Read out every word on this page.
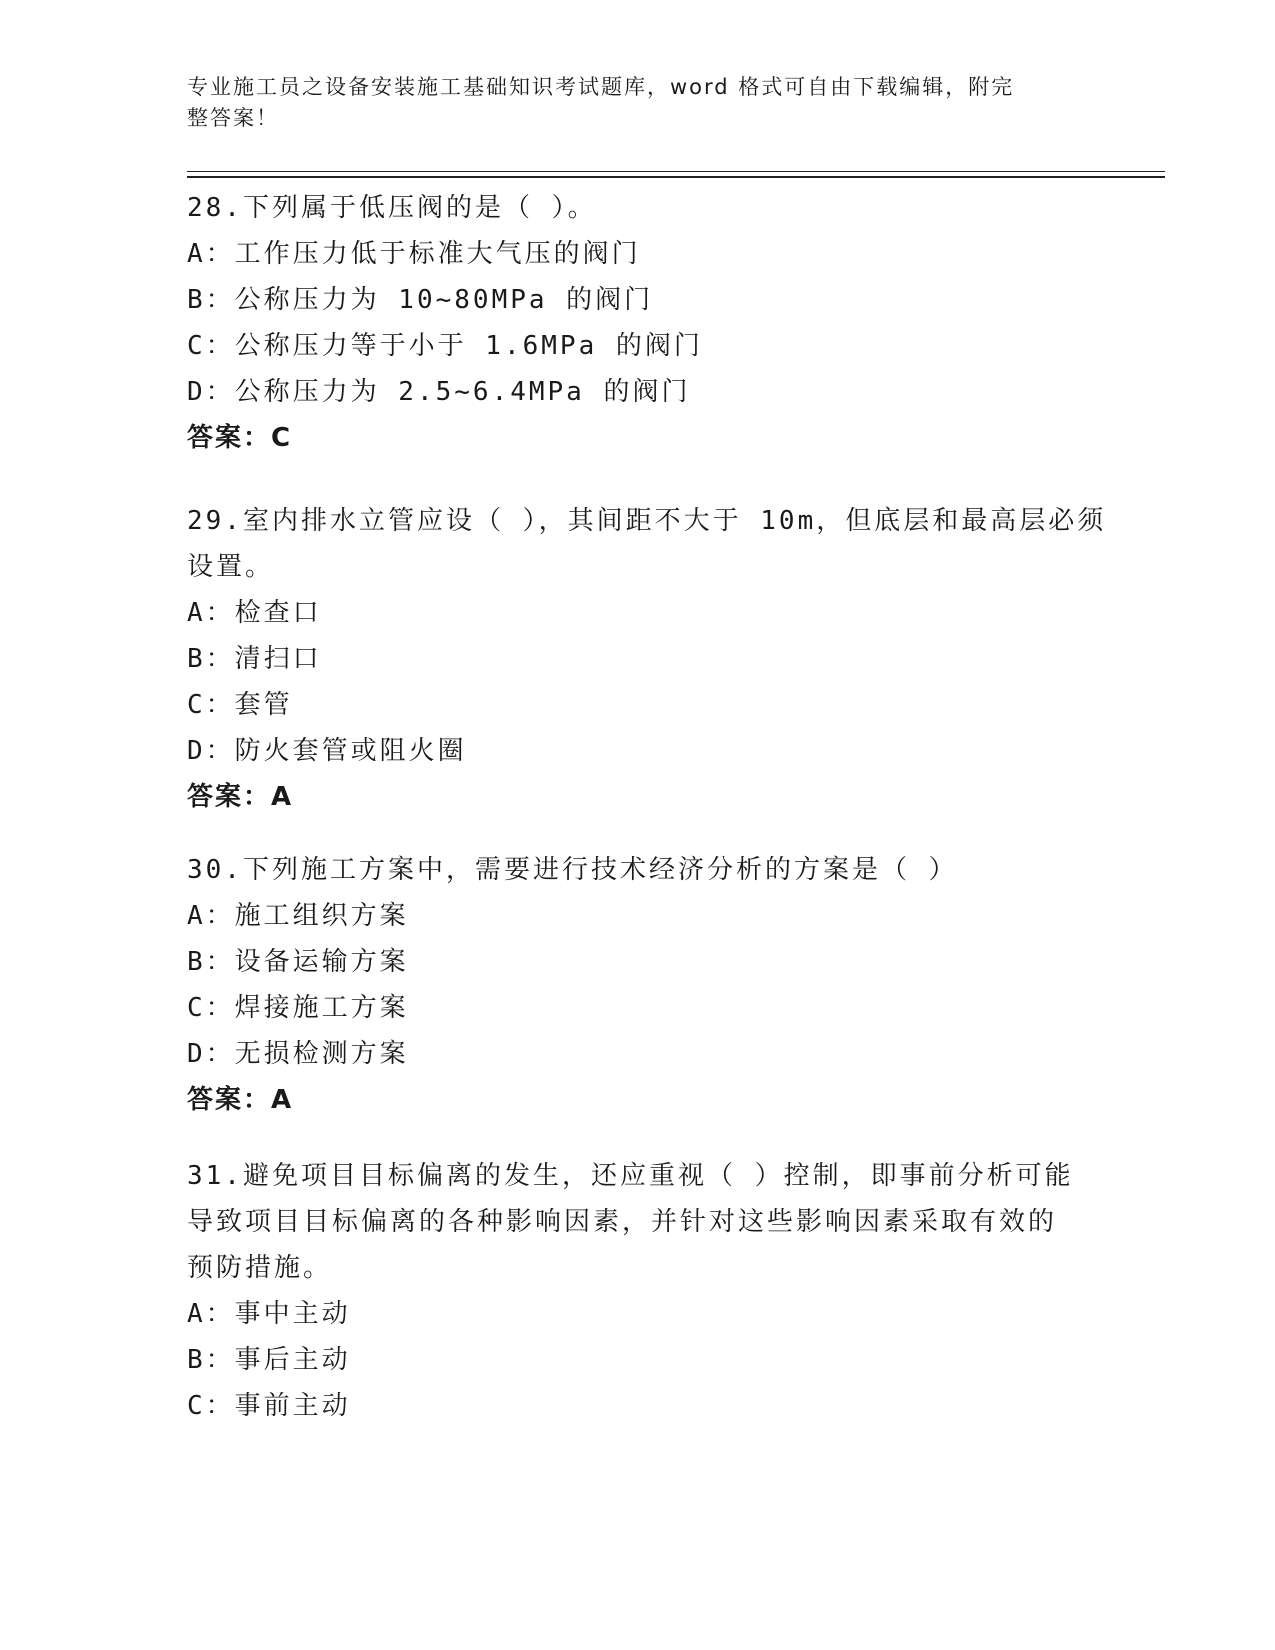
专业施工员之设备安装施工基础知识考试题库，word 格式可自由下载编辑，附完
整答案！
28.下列属于低压阀的是（ ）。
A：工作压力低于标准大气压的阀门
B：公称压力为 10~80MPa 的阀门
C：公称压力等于小于 1.6MPa 的阀门
D：公称压力为 2.5~6.4MPa 的阀门
答案：C
29.室内排水立管应设（ ），其间距不大于 10m，但底层和最高层必须
设置。
A：检查口
B：清扫口
C：套管
D：防火套管或阻火圈
答案：A
30.下列施工方案中，需要进行技术经济分析的方案是（ ）
A：施工组织方案
B：设备运输方案
C：焊接施工方案
D：无损检测方案
答案：A
31.避免项目目标偏离的发生，还应重视（ ）控制，即事前分析可能
导致项目目标偏离的各种影响因素，并针对这些影响因素采取有效的
预防措施。
A：事中主动
B：事后主动
C：事前主动
